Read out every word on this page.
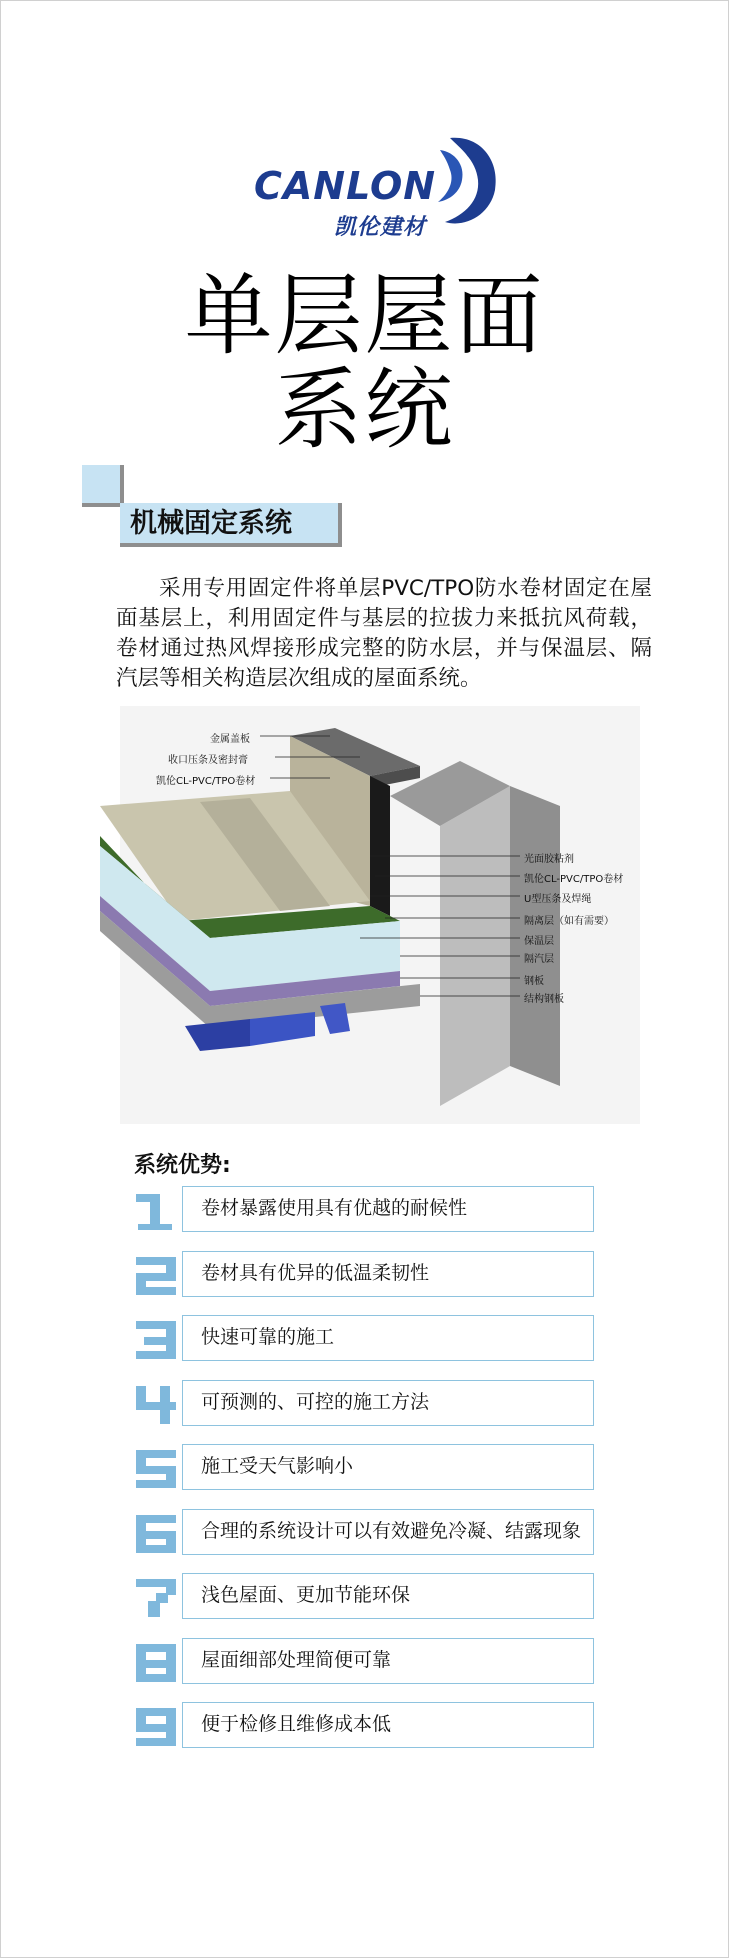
CANLON
凯伦建材
单层屋面
系统
机械固定系统
采用专用固定件将单层PVC/TPO防水卷材固定在屋面基层上，利用固定件与基层的拉拔力来抵抗风荷载，卷材通过热风焊接形成完整的防水层，并与保温层、隔汽层等相关构造层次组成的屋面系统。
金属盖板
收口压条及密封膏
凯伦CL-PVC/TPO卷材
光面胶粘剂
凯伦CL-PVC/TPO卷材
U型压条及焊绳
隔离层（如有需要）
保温层
隔汽层
钢板
结构钢板
系统优势:
卷材暴露使用具有优越的耐候性
卷材具有优异的低温柔韧性
快速可靠的施工
可预测的、可控的施工方法
施工受天气影响小
合理的系统设计可以有效避免冷凝、结露现象
浅色屋面、更加节能环保
屋面细部处理简便可靠
便于检修且维修成本低
